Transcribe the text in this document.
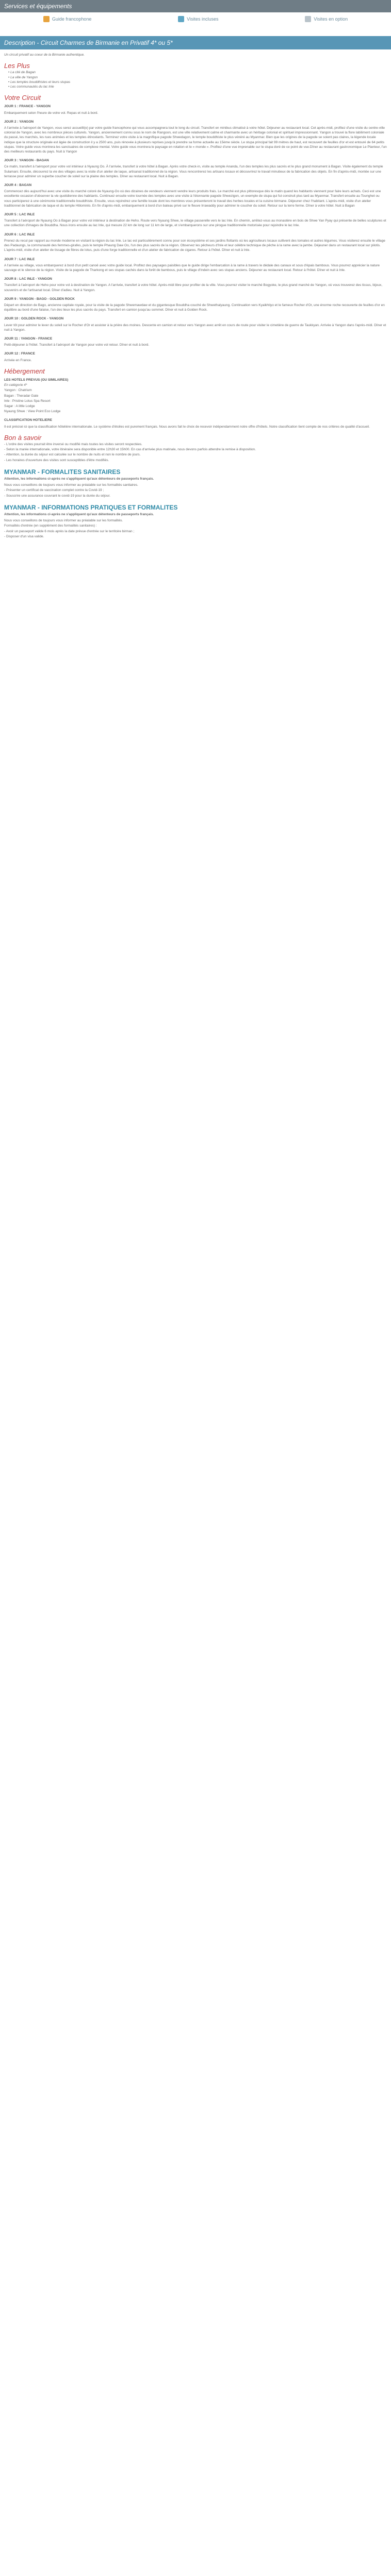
Services et équipements
Guide francophone	Visites incluses	Visites en option
Description - Circuit Charmes de Birmanie en Privatif 4* ou 5*

Un circuit privatif au coeur de la Birmanie authentique.

Les Plus
• La cité de Bagan
• La ville de Yangon
• Les temples bouddhistes et leurs stupas
• Les communautés du lac Inle
Votre Circuit
JOUR 1 : FRANCE - YANGON

Embarquement selon l'heure de votre vol. Repas et nuit à bord.

JOUR 2 : YANGON

A l'arrivée à l'aéroport de Yangon, vous serez accueilli(e) par votre guide francophone qui vous accompagnera tout le long du circuit. Transfert en minibus climatisé à votre hôtel. Déjeuner au restaurant local. Cet après-midi, profitez d'une visite du centre-ville colonial de Yangon, avec les nombreux pièces culturels. Yangon, anciennement connu sous le nom de Rangoon, est une ville relativement calme et charmante avec un héritage colonial et spirituel impressionnant. Yangon a trouvé la flore labiliment coloniale du passé, les marchés, les rues animées et les temples étincelants. Terminez votre visite à la magnifique pagode Shwedagon, le temple bouddhiste le plus vénéré au Myanmar. Bien que les origines de la pagode se soient pas claires, la légende locale indique que la structure originale est âgée de construction il y a 2500 ans, puis rénovée à plusieurs reprises jusqu'à prendre sa forme actuelle au 15ème siècle. Le stupa principal fait 99 mètres de haut, est recouvert de feuilles d'or et est entouré de 64 petits stupas. Votre guide vous montrera les sanctuaires de complexe mental. Votre guide vous montrera le paysage en rotation et le « monde ». Profitez d'une vue imprenable sur le stupa doré de ce point de vue.Dîner au restaurant gastronomique Le Planteur, l'un des meilleurs restaurants du pays. Nuit à Yangon

JOUR 3 : YANGON - BAGAN

Ce matin, transfert à l'aéroport pour votre vol intérieur à Nyaung Oo. À l'arrivée, transfert à votre hôtel à Bagan. Après votre check-in, visite au temple Ananda, l'un des temples les plus sacrés et le plus grand monument à Bagan. Visite également du temple Sulamani. Ensuite, découvrez la vie des villages avec la visite d'un atelier de laque, artisanat traditionnel de la région. Vous rencontrerez les artisans locaux et découvrirez le travail minutieux de la fabrication des objets. En fin d'après-midi, montée sur une terrasse pour admirer un superbe coucher de soleil sur la plaine des temples. Dîner au restaurant local. Nuit à Bagan.

JOUR 4 : BAGAN

Commencez dès aujourd'hui avec une visite du marché coloré de Nyaung-Oo où des dizaines de vendeurs viennent vendre leurs produits frais. Le marché est plus pittoresque dès le matin quand les habitants viennent pour faire leurs achats. Ceci est une excellente occasion d'observer la vie quotidienne des habitants. Continuez ensuite votre tournée des temples avec une visite à l'étonnante pagode Shwezigon, un exemple de stupa qui fut construit plus tard au Myanmar. Transfert ensuite au Tounghet ou vous participerez à une cérémonie traditionnelle bouddhiste. Ensuite, vous rejoindrez une famille locale dont les membres vous présenteront le travail des herbes locales et la cuisine birmane. Déjeuner chez l'habitant. L'après-midi, visite d'un atelier traditionnel de fabrication de laque et du temple Htilominlo. En fin d'après-midi, embarquement à bord d'un bateau privé sur le fleuve Irrawaddy pour admirer le coucher du soleil. Retour sur la terre ferme. Dîner à votre hôtel. Nuit à Bagan

JOUR 5 : LAC INLE

Transfert à l'aéroport de Nyaung Oo à Bagan pour votre vol intérieur à destination de Heho. Route vers Nyaung Shwe, le village passerelle vers le lac Inle. En chemin, arrêtez-vous au monastère en bois de Shwe Yan Pyay qui présente de belles sculptures et une collection d'images de Bouddha. Nous irons ensuite au lac Inle, qui mesure 22 km de long sur 11 km de large, et s'embarquerons sur une pirogue traditionnelle motorisée pour rejoindre le lac Inle.

JOUR 6 : LAC INLE

Prenez du recul par rapport au monde moderne en visitant la région du lac Inle. Le lac est particulièrement connu pour son écosystème et ses jardins flottants où les agriculteurs locaux cultivent des tomates et autres légumes. Vous visiterez ensuite le village des Padaungs, la communauté des femmes-girafes, puis le temple Phaung Daw Oo, l'un des plus sacrés de la région. Observez les pêcheurs d'Inle et leur célèbre technique de pêche à la rame avec la jambe. Déjeuner dans un restaurant local sur pilotis. L'après-midi, visite d'un atelier de tissage de fibres de lotus, puis d'une forge traditionnelle et d'un atelier de fabrication de cigares. Retour à l'hôtel. Dîner et nuit à Inle.

JOUR 7 : LAC INLE

A l'arrivée au village, vous embarquerez à bord d'un petit canoë avec votre guide local. Profitez des paysages paisibles que le guide dirige l'embarcation à la rame à travers le dédale des canaux et sous d'épais bambous. Vous pourrez apprécier la nature sauvage et le silence de la région. Visite de la pagode de Tharkong et ses stupas cachés dans la forêt de bambous, puis le village d'Indein avec ses stupas anciens. Déjeuner au restaurant local. Retour à l'hôtel. Dîner et nuit à Inle.

JOUR 8 : LAC INLE - YANGON

Transfert à l'aéroport de Heho pour votre vol à destination de Yangon. A l'arrivée, transfert à votre hôtel. Après-midi libre pour profiter de la ville. Vous pourrez visiter le marché Bogyoke, le plus grand marché de Yangon, où vous trouverez des tissus, bijoux, souvenirs et de l'artisanat local. Dîner d'adieu. Nuit à Yangon.

JOUR 9 : YANGON - BAGO - GOLDEN ROCK

Départ en direction de Bago, ancienne capitale royale, pour la visite de la pagode Shwemawdaw et du gigantesque Bouddha couché de Shwethalyaung. Continuation vers Kyaikhtiyo et le fameux Rocher d'Or, une énorme roche recouverte de feuilles d'or en équilibre au bord d'une falaise, l'un des lieux les plus sacrés du pays. Transfert en camion jusqu'au sommet. Dîner et nuit à Golden Rock.

JOUR 10 : GOLDEN ROCK - YANGON

Lever tôt pour admirer le lever du soleil sur le Rocher d'Or et assister à la prière des moines. Descente en camion et retour vers Yangon avec arrêt en cours de route pour visiter le cimetière de guerre de Taukkyan. Arrivée à Yangon dans l'après-midi. Dîner et nuit à Yangon.

JOUR 11 : YANGON - FRANCE

Petit-déjeuner à l'hôtel. Transfert à l'aéroport de Yangon pour votre vol retour. Dîner et nuit à bord.

JOUR 12 : FRANCE

Arrivée en France.

Hébergement
LES HOTELS PREVUS (OU SIMILAIRES)
En catégorie 4*
Yangon : Chatrium
Bagan : Theradar Gate
Inle : Pristine Lotus Spa Resort
Sagar : A little Lodge
Nyaung Shwe : View Point Eco Lodge
CLASSIFICATION HOTELIERE

Il est précisé ici que la classification hôtelière internationale. Le système d'étoiles est purement français. Nous avons fait le choix de recevoir indépendamment notre offre d'hôtels. Notre classification tient compte de nos critères de qualité d'accueil.

Bon à savoir

- L'ordre des visites pourrait être inversé ou modifié mais toutes les visites seront respectées.

- Selon la marée internationale, votre itinéraire sera disponible entre 12h30 et 15h00. En cas d'arrivée plus matinale, nous devons parfois attendre la remise à disposition.

- Attention, la durée du séjour est calculée sur le nombre de nuits et non le nombre de jours.

- Les horaires d'ouverture des visites sont susceptibles d'être modifiés.

MYANMAR - FORMALITES SANITAIRES

Attention, les informations ci-après ne s'appliquent qu'aux détenteurs de passeports français.

Nous vous conseillons de toujours vous informer au préalable sur les formalités sanitaires.

- Présenter un certificat de vaccination complet contre la Covid-19 ;

- Souscrire une assurance couvrant le covid-19 pour la durée du séjour.

MYANMAR - INFORMATIONS PRATIQUES ET FORMALITES

Attention, les informations ci-après ne s'appliquent qu'aux détenteurs de passeports français.

Nous vous conseillons de toujours vous informer au préalable sur les formalités.

Formalités d'entrée (en supplément des formalités sanitaires) :

- Avoir un passeport valide 6 mois après la date prévue d'entrée sur le territoire birman ;

- Disposer d'un visa valide.
